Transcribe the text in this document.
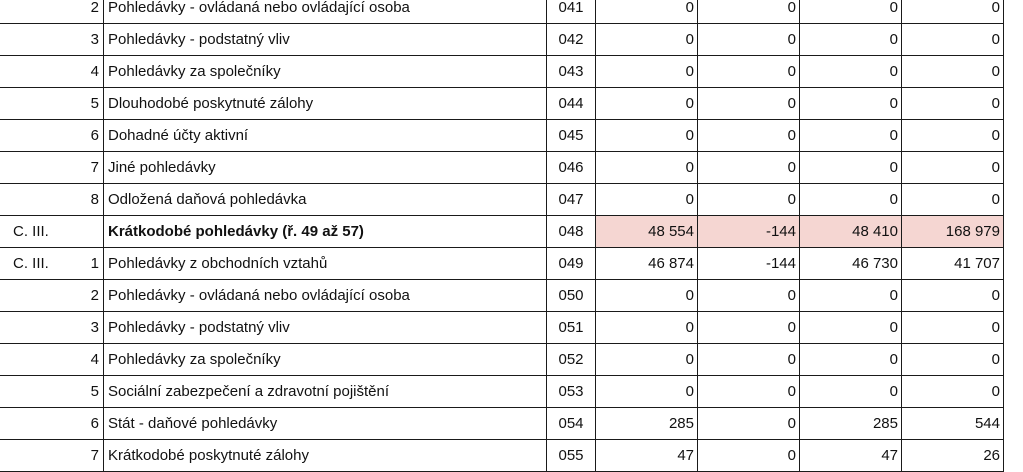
	2	Pohledávky - ovládaná nebo ovládající osoba	041	0	0	0	0
	3	Pohledávky - podstatný vliv	042	0	0	0	0
	4	Pohledávky za společníky	043	0	0	0	0
	5	Dlouhodobé poskytnuté zálohy	044	0	0	0	0
	6	Dohadné účty aktivní	045	0	0	0	0
	7	Jiné pohledávky	046	0	0	0	0
	8	Odložená daňová pohledávka	047	0	0	0	0
C. III.		Krátkodobé pohledávky (ř. 49 až 57)	048	48 554	-144	48 410	168 979
C. III.	1	Pohledávky z obchodních vztahů	049	46 874	-144	46 730	41 707
	2	Pohledávky - ovládaná nebo ovládající osoba	050	0	0	0	0
	3	Pohledávky - podstatný vliv	051	0	0	0	0
	4	Pohledávky za společníky	052	0	0	0	0
	5	Sociální zabezpečení a zdravotní pojištění	053	0	0	0	0
	6	Stát - daňové pohledávky	054	285	0	285	544
	7	Krátkodobé poskytnuté zálohy	055	47	0	47	26
